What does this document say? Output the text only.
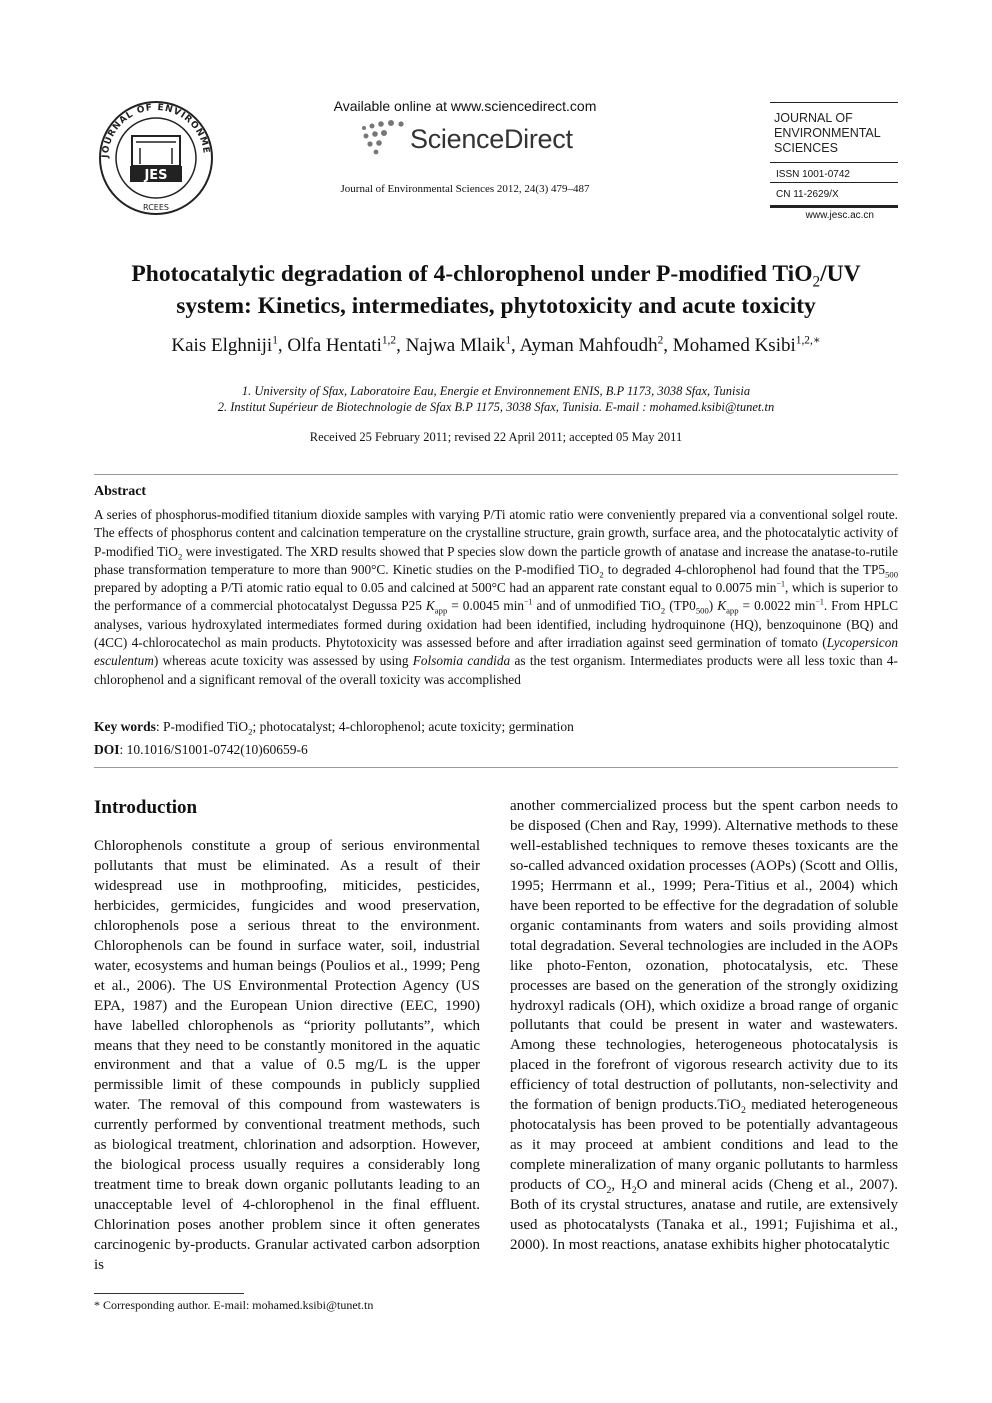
JOURNAL OF ENVIRONME
JES
RCEES
Available online at www.sciencedirect.com
ScienceDirect
Journal of Environmental Sciences 2012, 24(3) 479–487
JOURNAL OF
ENVIRONMENTAL
SCIENCES
ISSN 1001-0742
CN 11-2629/X
www.jesc.ac.cn
Photocatalytic degradation of 4-chlorophenol under P-modified TiO$_2$/UV
system: Kinetics, intermediates, phytotoxicity and acute toxicity
Kais Elghniji$^1$, Olfa Hentati$^{1,2}$, Najwa Mlaik$^1$, Ayman Mahfoudh$^2$, Mohamed Ksibi$^{1,2,∗}$
1. University of Sfax, Laboratoire Eau, Energie et Environnement ENIS, B.P 1173, 3038 Sfax, Tunisia
2. Institut Supérieur de Biotechnologie de Sfax B.P 1175, 3038 Sfax, Tunisia. E-mail : mohamed.ksibi@tunet.tn
Received 25 February 2011; revised 22 April 2011; accepted 05 May 2011
Abstract
A series of phosphorus-modified titanium dioxide samples with varying P/Ti atomic ratio were conveniently prepared via a conventional solgel route. The effects of phosphorus content and calcination temperature on the crystalline structure, grain growth, surface area, and the photocatalytic activity of P-modified TiO$_2$ were investigated. The XRD results showed that P species slow down the particle growth of anatase and increase the anatase-to-rutile phase transformation temperature to more than 900°C. Kinetic studies on the P-modified TiO$_2$ to degraded 4-chlorophenol had found that the $TP5_{500}$ prepared by adopting a P/Ti atomic ratio equal to 0.05 and calcined at 500°C had an apparent rate constant equal to 0.0075 $\min^{-1}$, which is superior to the performance of a commercial photocatalyst Degussa P25 $K_{app} = 0.0045$ $\min^{-1}$ and of unmodified TiO$_2$ $(TP0_{500}) K_{app} = 0.0022$ $\min^{-1}$. From HPLC analyses, various hydroxylated intermediates formed during oxidation had been identified, including hydroquinone (HQ), benzoquinone (BQ) and (4CC) 4-chlorocatechol as main products. Phytotoxicity was assessed before and after irradiation against seed germination of tomato (Lycopersicon esculentum) whereas acute toxicity was assessed by using Folsomia candida as the test organism. Intermediates products were all less toxic than 4-chlorophenol and a significant removal of the overall toxicity was accomplished
Key words: P-modified TiO$_2$; photocatalyst; 4-chlorophenol; acute toxicity; germination
DOI: 10.1016/S1001-0742(10)60659-6
Introduction
Chlorophenols constitute a group of serious environmental pollutants that must be eliminated. As a result of their widespread use in mothproofing, miticides, pesticides, herbicides, germicides, fungicides and wood preservation, chlorophenols pose a serious threat to the environment. Chlorophenols can be found in surface water, soil, industrial water, ecosystems and human beings (Poulios et al., 1999; Peng et al., 2006). The US Environmental Protection Agency (US EPA, 1987) and the European Union directive (EEC, 1990) have labelled chlorophenols as “priority pollutants”, which means that they need to be constantly monitored in the aquatic environment and that a value of 0.5 mg/L is the upper permissible limit of these compounds in publicly supplied water. The removal of this compound from wastewaters is currently performed by conventional treatment methods, such as biological treatment, chlorination and adsorption. However, the biological process usually requires a considerably long treatment time to break down organic pollutants leading to an unacceptable level of 4-chlorophenol in the final effluent. Chlorination poses another problem since it often generates carcinogenic by-products. Granular activated carbon adsorption is
another commercialized process but the spent carbon needs to be disposed (Chen and Ray, 1999). Alternative methods to these well-established techniques to remove theses toxicants are the so-called advanced oxidation processes (AOPs) (Scott and Ollis, 1995; Herrmann et al., 1999; Pera-Titius et al., 2004) which have been reported to be effective for the degradation of soluble organic contaminants from waters and soils providing almost total degradation. Several technologies are included in the AOPs like photo-Fenton, ozonation, photocatalysis, etc. These processes are based on the generation of the strongly oxidizing hydroxyl radicals (OH), which oxidize a broad range of organic pollutants that could be present in water and wastewaters. Among these technologies, heterogeneous photocatalysis is placed in the forefront of vigorous research activity due to its efficiency of total destruction of pollutants, non-selectivity and the formation of benign products.TiO$_2$ mediated heterogeneous photocatalysis has been proved to be potentially advantageous as it may proceed at ambient conditions and lead to the complete mineralization of many organic pollutants to harmless products of $CO_2$, $H_2O$ and mineral acids (Cheng et al., 2007). Both of its crystal structures, anatase and rutile, are extensively used as photocatalysts (Tanaka et al., 1991; Fujishima et al., 2000). In most reactions, anatase exhibits higher photocatalytic
* Corresponding author. E-mail: mohamed.ksibi@tunet.tn
